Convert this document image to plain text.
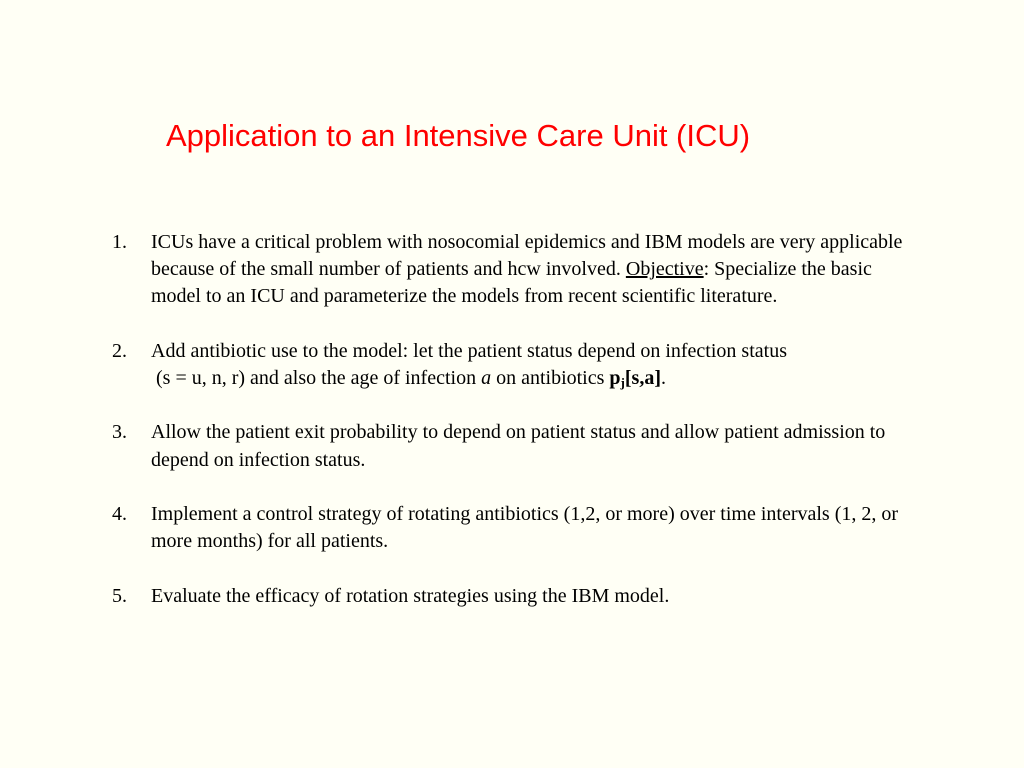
Application to an Intensive Care Unit (ICU)
1.	ICUs have a critical problem with nosocomial epidemics and IBM models are very applicable because of the small number of patients and hcw involved. Objective: Specialize the basic model to an ICU and parameterize the models from recent scientific literature.
2.	Add antibiotic use to the model: let the patient status depend on infection status
(s = u, n, r) and also the age of infection a on antibiotics $p_j[s,a]$.
3.	Allow the patient exit probability to depend on patient status and allow patient admission to depend on infection status.
4.	Implement a control strategy of rotating antibiotics (1,2, or more) over time intervals (1, 2, or more months) for all patients.
5.	Evaluate the efficacy of rotation strategies using the IBM model.
